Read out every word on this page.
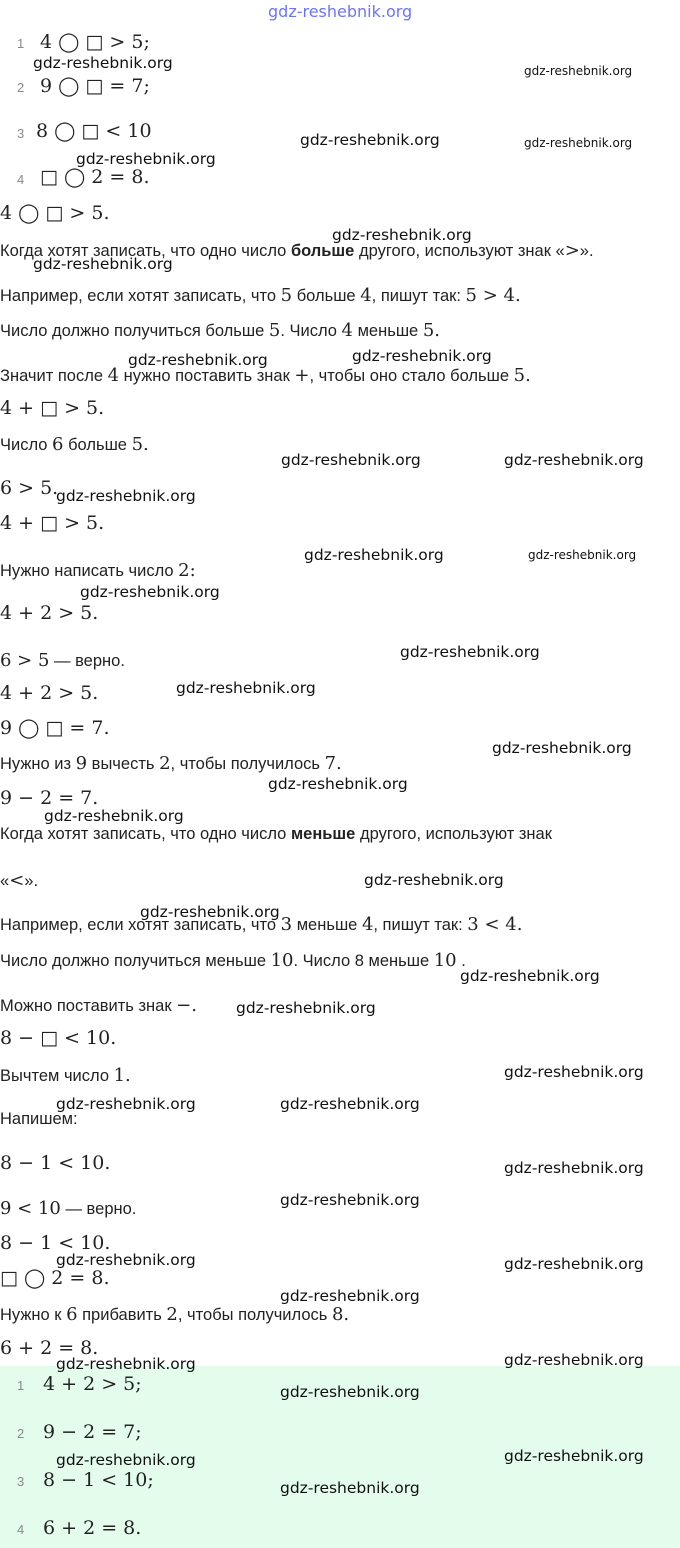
gdz-reshebnik.org
1 4 ◯ □ > 5;
2 9 ◯ □ = 7;
3 8 ◯ □ < 10
4 □ ◯ 2 = 8.
4 ◯ □ > 5.
Когда хотят записать, что одно число больше другого, используют знак «>».
Например, если хотят записать, что 5 больше 4, пишут так: 5 > 4.
Число должно получиться больше 5. Число 4 меньше 5.
Значит после 4 нужно поставить знак +, чтобы оно стало больше 5.
4 + □ > 5.
Число 6 больше 5.
6 > 5.
4 + □ > 5.
Нужно написать число 2:
4 + 2 > 5.
6 > 5 — верно.
4 + 2 > 5.
9 ◯ □ = 7.
Нужно из 9 вычесть 2, чтобы получилось 7.
9 − 2 = 7.
Когда хотят записать, что одно число меньше другого, используют знак
«<».
Например, если хотят записать, что 3 меньше 4, пишут так: 3 < 4.
Число должно получиться меньше 10. Число 8 меньше 10 .
Можно поставить знак −.
8 − □ < 10.
Вычтем число 1.
Напишем:
8 − 1 < 10.
9 < 10 — верно.
8 − 1 < 10.
□ ◯ 2 = 8.
Нужно к 6 прибавить 2, чтобы получилось 8.
6 + 2 = 8.
1 4 + 2 > 5;
2 9 − 2 = 7;
3 8 − 1 < 10;
4 6 + 2 = 8.
gdz-reshebnik.org	gdz-reshebnik.org
gdz-reshebnik.org	gdz-reshebnik.org
gdz-reshebnik.org
gdz-reshebnik.org
gdz-reshebnik.org
gdz-reshebnik.org
gdz-reshebnik.org
gdz-reshebnik.org	gdz-reshebnik.org
gdz-reshebnik.org
gdz-reshebnik.org	gdz-reshebnik.org
gdz-reshebnik.org
gdz-reshebnik.org
gdz-reshebnik.org
gdz-reshebnik.org
gdz-reshebnik.org
gdz-reshebnik.org
gdz-reshebnik.org
gdz-reshebnik.org
gdz-reshebnik.org
gdz-reshebnik.org
gdz-reshebnik.org
gdz-reshebnik.org	gdz-reshebnik.org
gdz-reshebnik.org
gdz-reshebnik.org
gdz-reshebnik.org	gdz-reshebnik.org
gdz-reshebnik.org
gdz-reshebnik.org	gdz-reshebnik.org
gdz-reshebnik.org
gdz-reshebnik.org	gdz-reshebnik.org
gdz-reshebnik.org
